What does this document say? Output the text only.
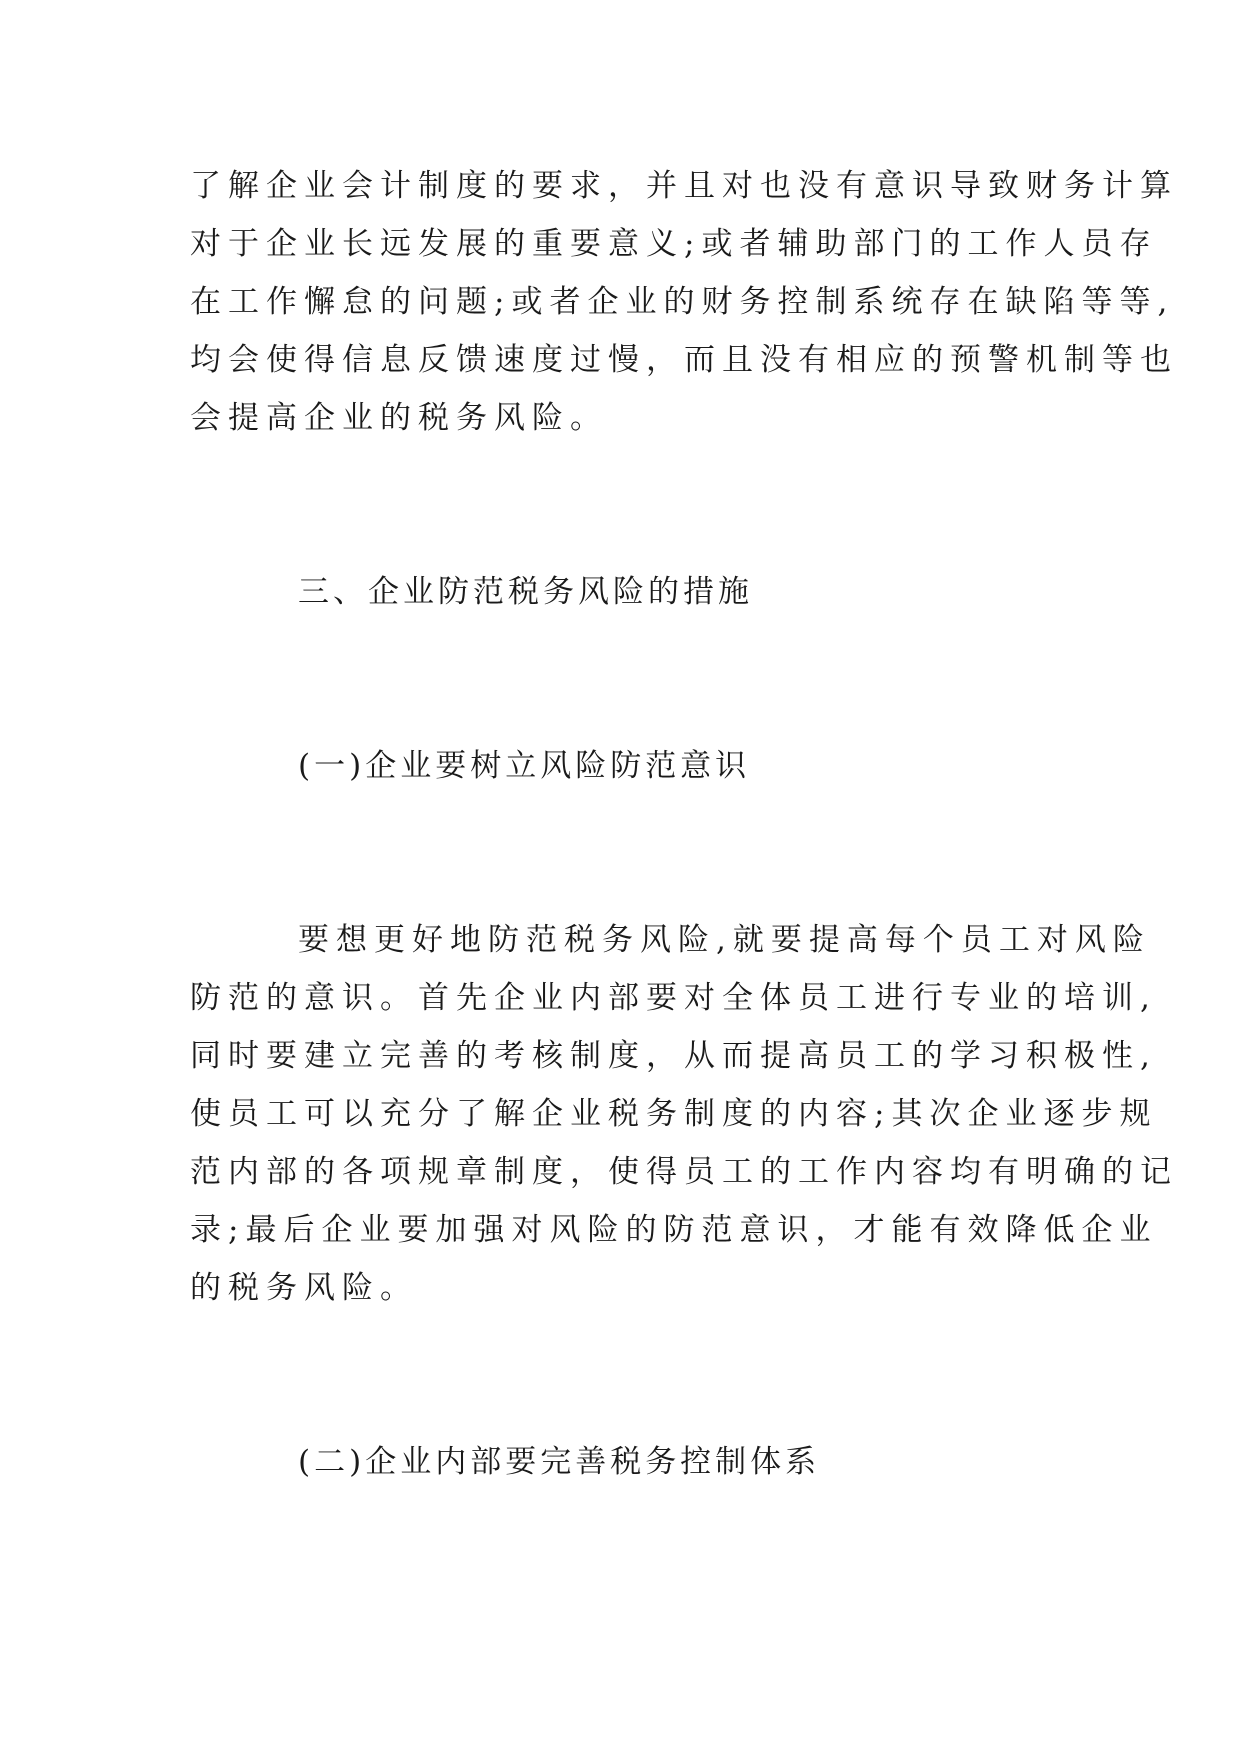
了解企业会计制度的要求，并且对也没有意识导致财务计算
对于企业长远发展的重要意义;或者辅助部门的工作人员存
在工作懈怠的问题;或者企业的财务控制系统存在缺陷等等,
均会使得信息反馈速度过慢，而且没有相应的预警机制等也
会提高企业的税务风险。
三、企业防范税务风险的措施
(一)企业要树立风险防范意识
要想更好地防范税务风险,就要提高每个员工对风险
防范的意识。首先企业内部要对全体员工进行专业的培训,
同时要建立完善的考核制度，从而提高员工的学习积极性,
使员工可以充分了解企业税务制度的内容;其次企业逐步规
范内部的各项规章制度，使得员工的工作内容均有明确的记
录;最后企业要加强对风险的防范意识，才能有效降低企业
的税务风险。
(二)企业内部要完善税务控制体系
